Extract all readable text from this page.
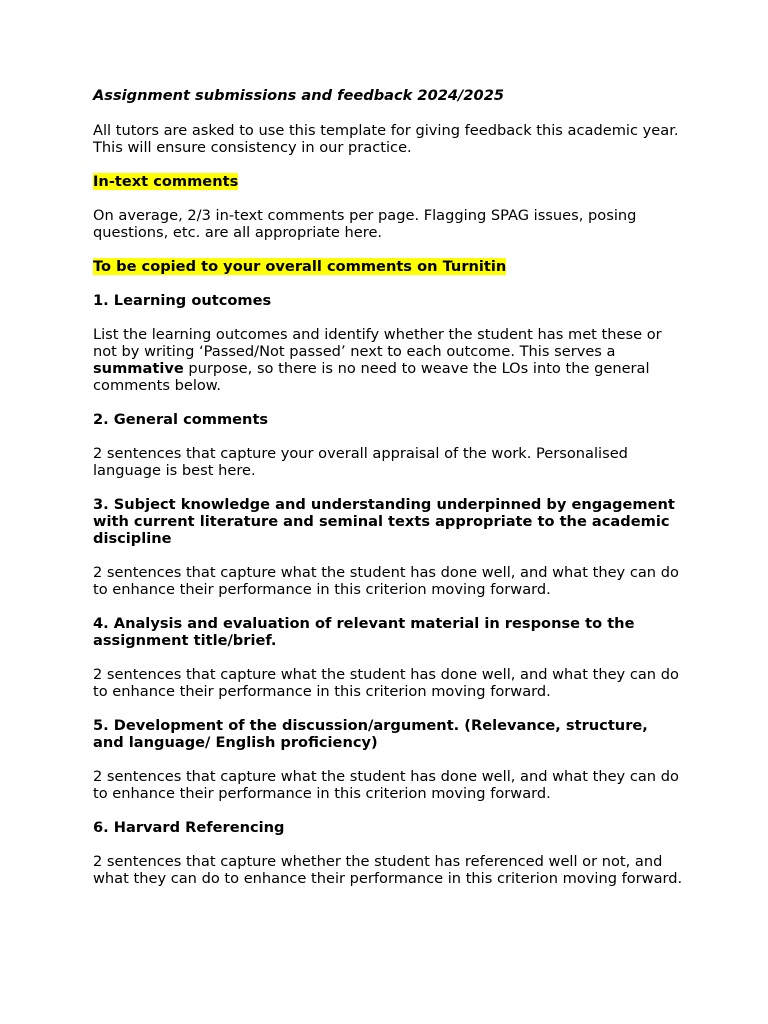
Assignment submissions and feedback 2024/2025

All tutors are asked to use this template for giving feedback this academic year. This will ensure consistency in our practice.

In-text comments

On average, 2/3 in-text comments per page. Flagging SPAG issues, posing questions, etc. are all appropriate here.

To be copied to your overall comments on Turnitin

1. Learning outcomes

List the learning outcomes and identify whether the student has met these or not by writing ‘Passed/Not passed’ next to each outcome. This serves a summative purpose, so there is no need to weave the LOs into the general comments below.

2. General comments

2 sentences that capture your overall appraisal of the work. Personalised language is best here.

3. Subject knowledge and understanding underpinned by engagement with current literature and seminal texts appropriate to the academic discipline

2 sentences that capture what the student has done well, and what they can do to enhance their performance in this criterion moving forward.

4. Analysis and evaluation of relevant material in response to the assignment title/brief.

2 sentences that capture what the student has done well, and what they can do to enhance their performance in this criterion moving forward.

5. Development of the discussion/argument. (Relevance, structure, and language/ English proficiency)

2 sentences that capture what the student has done well, and what they can do to enhance their performance in this criterion moving forward.

6. Harvard Referencing

2 sentences that capture whether the student has referenced well or not, and what they can do to enhance their performance in this criterion moving forward.
